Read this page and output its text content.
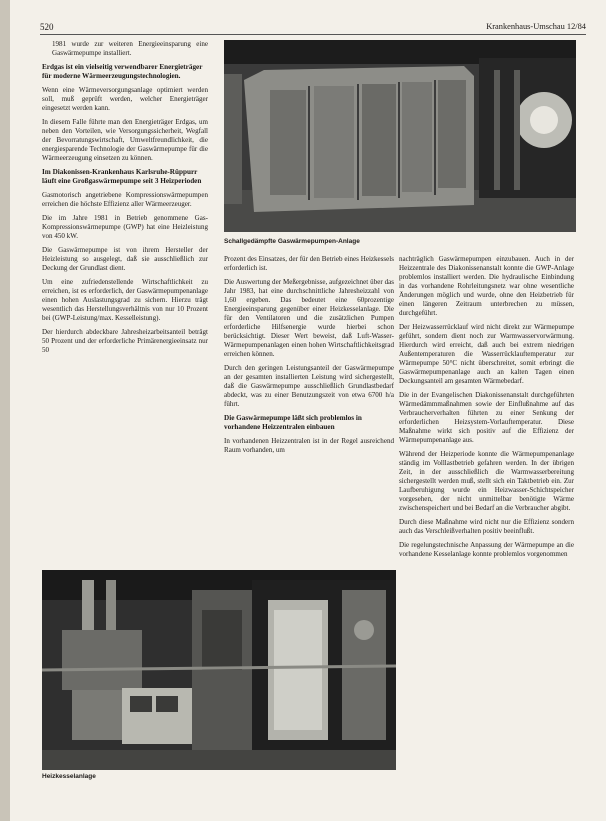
520	Krankenhaus-Umschau 12/84

1981 wurde zur weiteren Energieeinsparung eine Gaswärmepumpe installiert.

Erdgas ist ein vielseitig verwendbarer Energieträger für moderne Wärmeerzeugungstechnologien.

Wenn eine Wärmeversorgungsanlage optimiert werden soll, muß geprüft werden, welcher Energieträger eingesetzt werden kann.

In diesem Falle führte man den Energieträger Erdgas, um neben den Vorteilen, wie Versorgungssicherheit, Wegfall der Bevorratungswirtschaft, Umweltfreundlichkeit, die energiesparende Technologie der Gaswärmepumpe für die Wärmeerzeugung einsetzen zu können.

Im Diakonissen-Krankenhaus Karlsruhe-Rüppurr läuft eine Großgaswärmepumpe seit 3 Heizperioden

Gasmotorisch angetriebene Kompressionswärmepumpen erreichen die höchste Effizienz aller Wärmeerzeuger.

Die im Jahre 1981 in Betrieb genommene Gas-Kompressionswärmepumpe (GWP) hat eine Heizleistung von 450 kW.

Die Gaswärmepumpe ist von ihrem Hersteller der Heizleistung so ausgelegt, daß sie ausschließlich zur Deckung der Grundlast dient.

Um eine zufriedenstellende Wirtschaftlichkeit zu erreichen, ist es erforderlich, der Gaswärmepumpenanlage einen hohen Auslastungsgrad zu sichern. Hierzu trägt wesentlich das Herstellungsverhältnis von nur 10 Prozent bei (GWP-Leistung/max. Kesselleistung).

Der hierdurch abdeckbare Jahresheizarbeitsanteil beträgt 50 Prozent und der erforderliche Primärenergieeinsatz nur 50

Schallgedämpfte Gaswärmepumpen-Anlage

Prozent des Einsatzes, der für den Betrieb eines Heizkessels erforderlich ist.

Die Auswertung der Meßergebnisse, aufgezeichnet über das Jahr 1983, hat eine durchschnittliche Jahresheizzahl von 1,60 ergeben. Das bedeutet eine 60prozentige Energieeinsparung gegenüber einer Heizkesselanlage. Die für den Ventilatoren und die zusätzlichen Pumpen erforderliche Hilfsenergie wurde hierbei schon berücksichtigt. Dieser Wert beweist, daß Luft-Wasser-Wärmepumpenanlagen einen hohen Wirtschaftlichkeitsgrad erreichen können.

Durch den geringen Leistungsanteil der Gaswärmepumpe an der gesamten installierten Leistung wird sichergestellt, daß die Gaswärmepumpe ausschließlich Grundlastbedarf abdeckt, was zu einer Benutzungszeit von etwa 6700 h/a führt.

Die Gaswärmepumpe läßt sich problemlos in vorhandene Heizzentralen einbauen

In vorhandenen Heizzentralen ist in der Regel ausreichend Raum vorhanden, um

nachträglich Gaswärmepumpen einzubauen. Auch in der Heizzentrale des Diakonissenanstalt konnte die GWP-Anlage problemlos installiert werden. Die hydraulische Einbindung in das vorhandene Rohrleitungsnetz war ohne wesentliche Änderungen möglich und wurde, ohne den Heizbetrieb für einen längeren Zeitraum unterbrechen zu müssen, durchgeführt.

Der Heizwasserrücklauf wird nicht direkt zur Wärmepumpe geführt, sondern dient noch zur Warmwasservorwärmung. Hierdurch wird erreicht, daß auch bei extrem niedrigen Außentemperaturen die Wasserrücklauftemperatur zur Wärmepumpe 50°C nicht überschreitet, somit erbringt die Gaswärmepumpenanlage auch an kalten Tagen einen Deckungsanteil am gesamten Wärmebedarf.

Die in der Evangelischen Diakonissenanstalt durchgeführten Wärmedämmmaßnahmen sowie der Einflußnahme auf das Verbraucherverhalten führten zu einer Senkung der erforderlichen Heizsystem-Vorlauftemperatur. Diese Maßnahme wirkt sich positiv auf die Effizienz der Wärmepumpenanlage aus.

Während der Heizperiode konnte die Wärmepumpenanlage ständig im Volllastbetrieb gefahren werden. In der übrigen Zeit, in der ausschließlich die Warmwasserbereitung sichergestellt werden muß, stellt sich ein Taktbetrieb ein. Zur Laufberuhigung wurde ein Heizwasser-Schichtspeicher vorgesehen, der nicht unmittelbar benötigte Wärme zwischenspeichert und bei Bedarf an die Verbraucher abgibt.

Durch diese Maßnahme wird nicht nur die Effizienz sondern auch das Verschleißverhalten positiv beeinflußt.

Die regelungstechnische Anpassung der Wärmepumpe an die vorhandene Kesselanlage konnte problemlos vorgenommen

Heizkesselanlage
